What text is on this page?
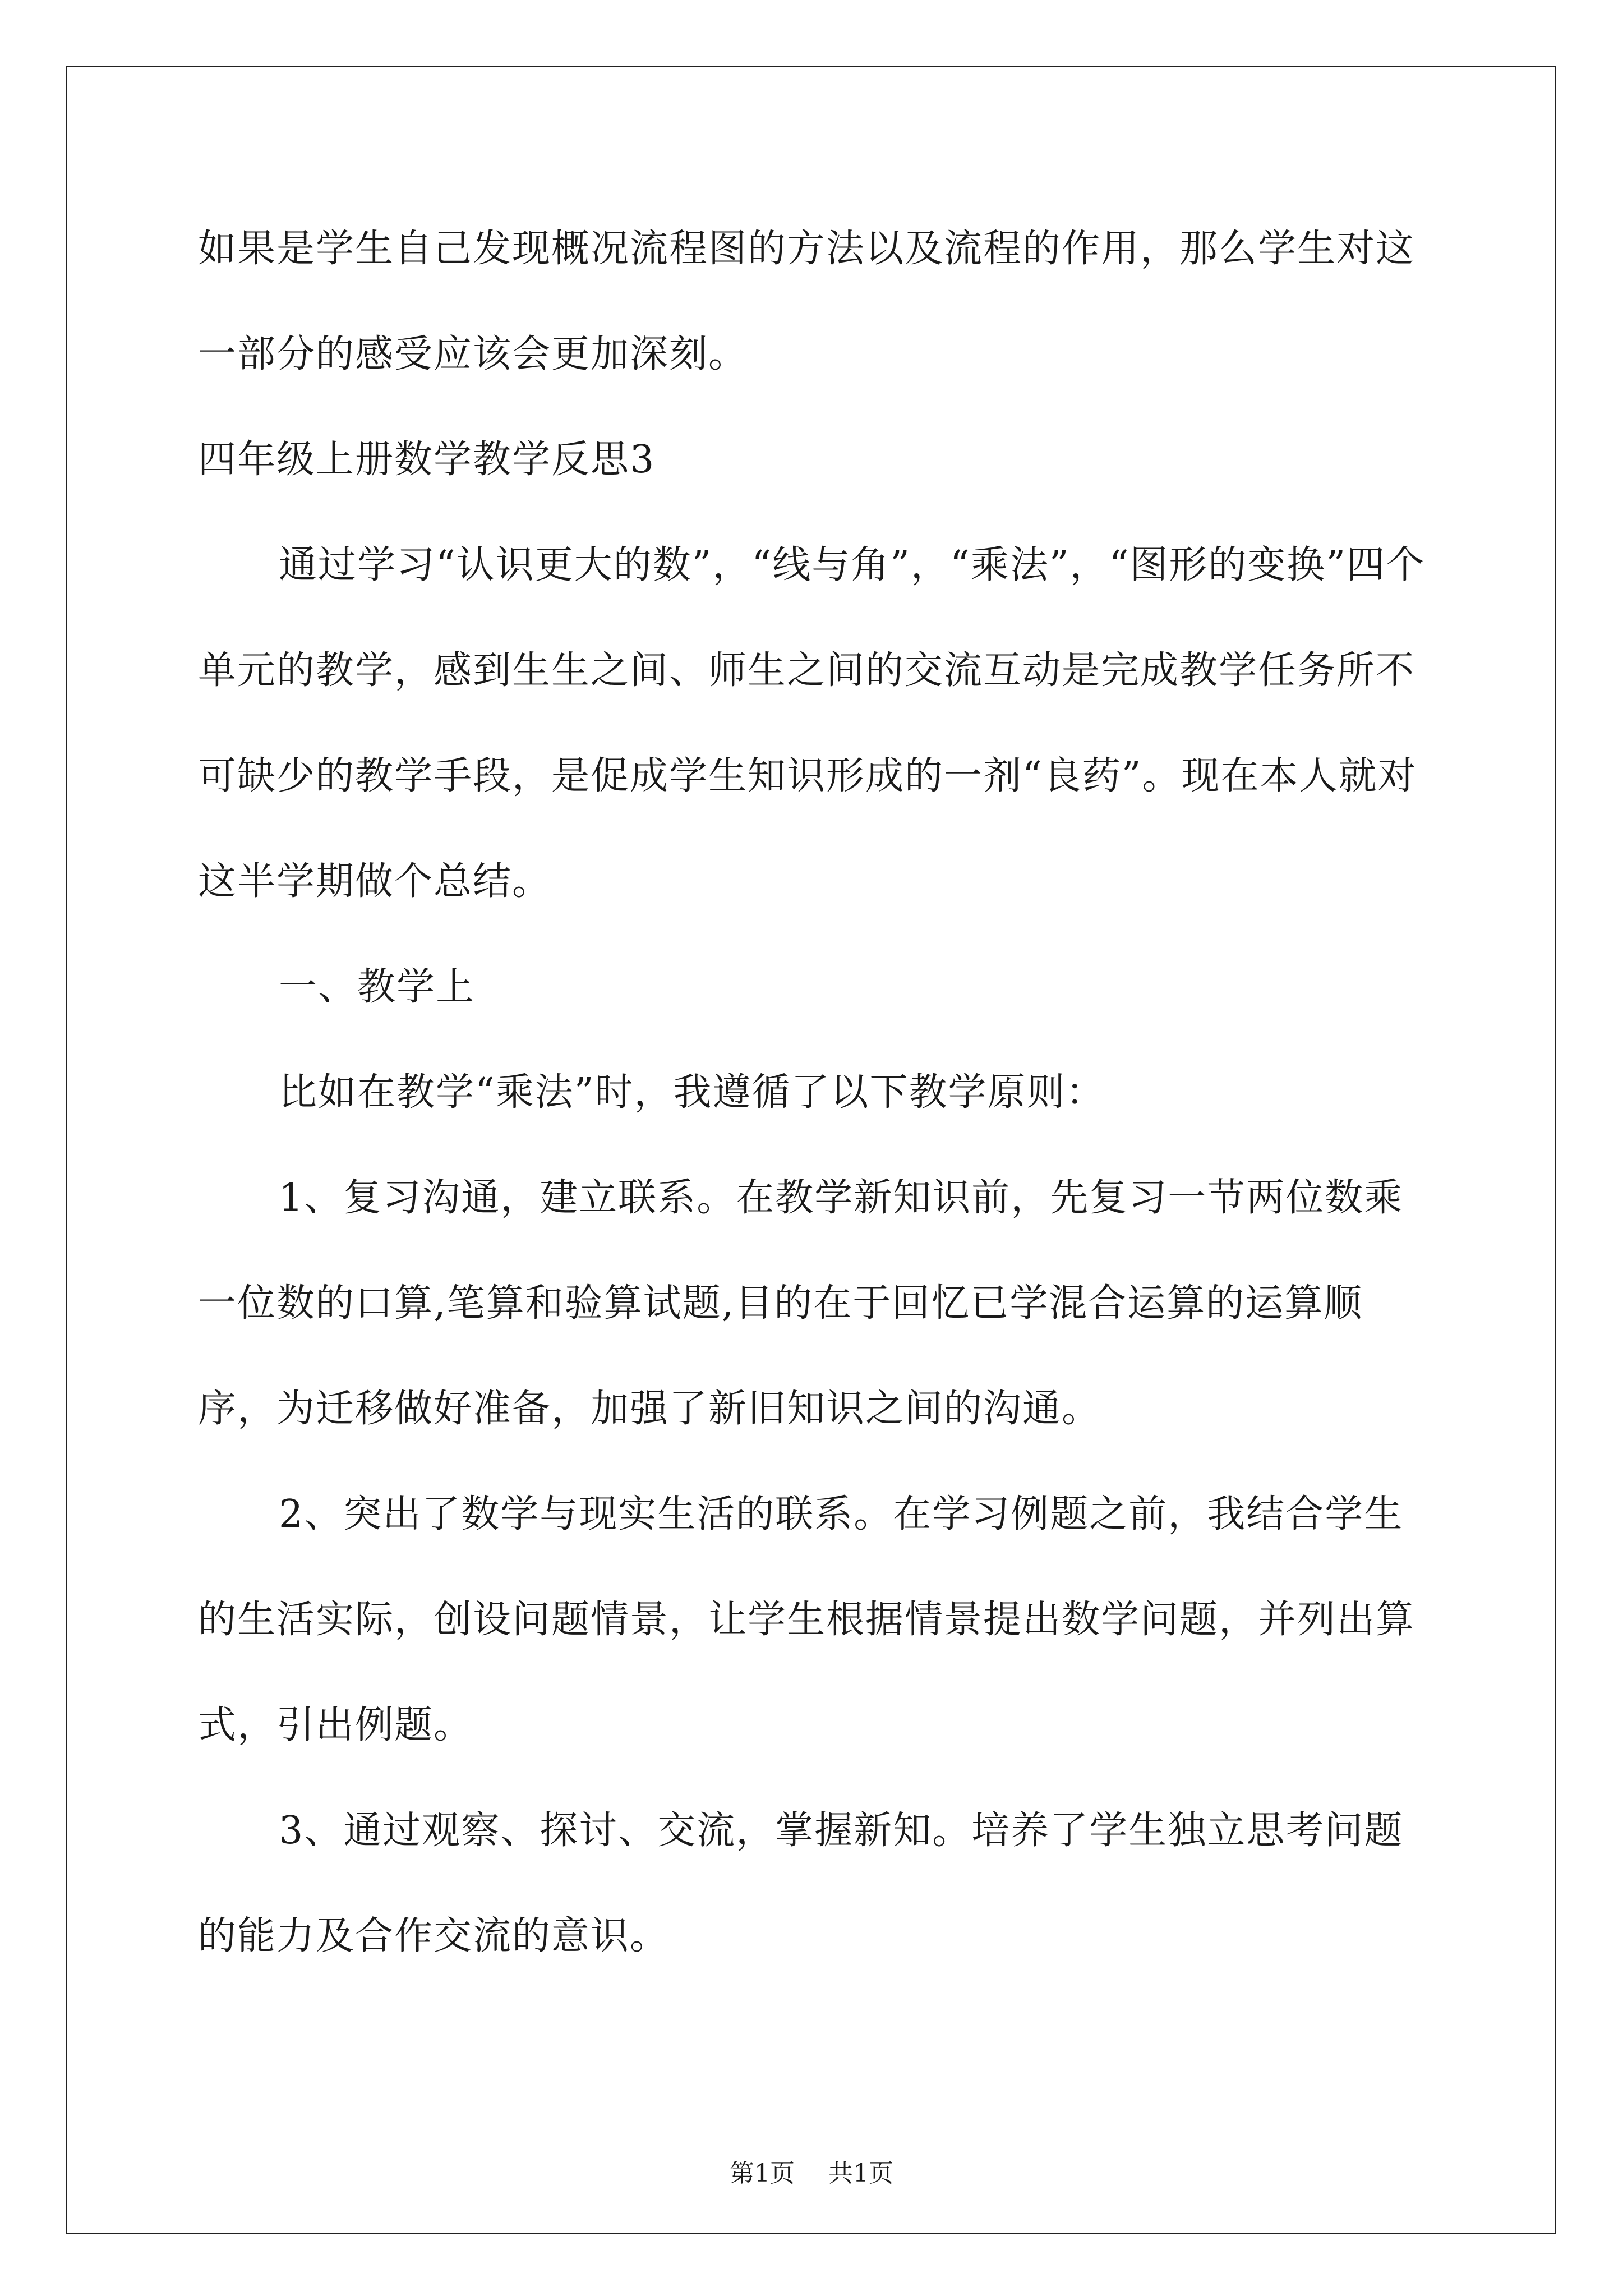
如果是学生自己发现概况流程图的方法以及流程的作用，那么学生对这一部分的感受应该会更加深刻。

四年级上册数学教学反思3

通过学习“认识更大的数”，“线与角”，“乘法”，“图形的变换”四个单元的教学，感到生生之间、师生之间的交流互动是完成教学任务所不可缺少的教学手段，是促成学生知识形成的一剂“良药”。现在本人就对这半学期做个总结。

一、教学上

比如在教学“乘法”时，我遵循了以下教学原则：

1、复习沟通，建立联系。在教学新知识前，先复习一节两位数乘一位数的口算,笔算和验算试题,目的在于回忆已学混合运算的运算顺序，为迁移做好准备，加强了新旧知识之间的沟通。

2、突出了数学与现实生活的联系。在学习例题之前，我结合学生的生活实际，创设问题情景，让学生根据情景提出数学问题，并列出算式，引出例题。

3、通过观察、探讨、交流，掌握新知。培养了学生独立思考问题的能力及合作交流的意识。

第1页 共1页
